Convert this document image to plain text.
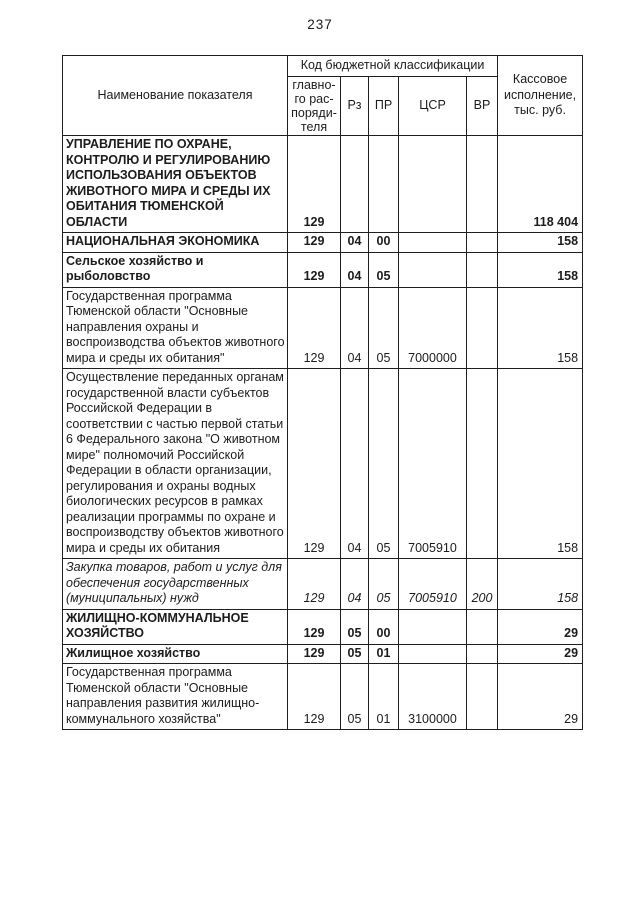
237
Наименование показателя	Код бюджетной классификации					Кассовое исполнение, тыс. руб.
	главно-го рас-поряди-теля	Рз	ПР	ЦСР	ВР	
УПРАВЛЕНИЕ ПО ОХРАНЕ, КОНТРОЛЮ И РЕГУЛИРОВАНИЮ ИСПОЛЬЗОВАНИЯ ОБЪЕКТОВ ЖИВОТНОГО МИРА И СРЕДЫ ИХ ОБИТАНИЯ ТЮМЕНСКОЙ ОБЛАСТИ	129					118 404
НАЦИОНАЛЬНАЯ ЭКОНОМИКА	129	04	00			158
Сельское хозяйство и рыболовство	129	04	05			158
Государственная программа Тюменской области "Основные направления охраны и воспроизводства объектов животного мира и среды их обитания"	129	04	05	7000000		158
Осуществление переданных органам государственной власти субъектов Российской Федерации в соответствии с частью первой статьи 6 Федерального закона "О животном мире" полномочий Российской Федерации в области организации, регулирования и охраны водных биологических ресурсов в рамках реализации программы по охране и воспроизводству объектов животного мира и среды их обитания	129	04	05	7005910		158
Закупка товаров, работ и услуг для обеспечения государственных (муниципальных) нужд	129	04	05	7005910	200	158
ЖИЛИЩНО-КОММУНАЛЬНОЕ ХОЗЯЙСТВО	129	05	00			29
Жилищное хозяйство	129	05	01			29
Государственная программа Тюменской области "Основные направления развития жилищно-коммунального хозяйства"	129	05	01	3100000		29
